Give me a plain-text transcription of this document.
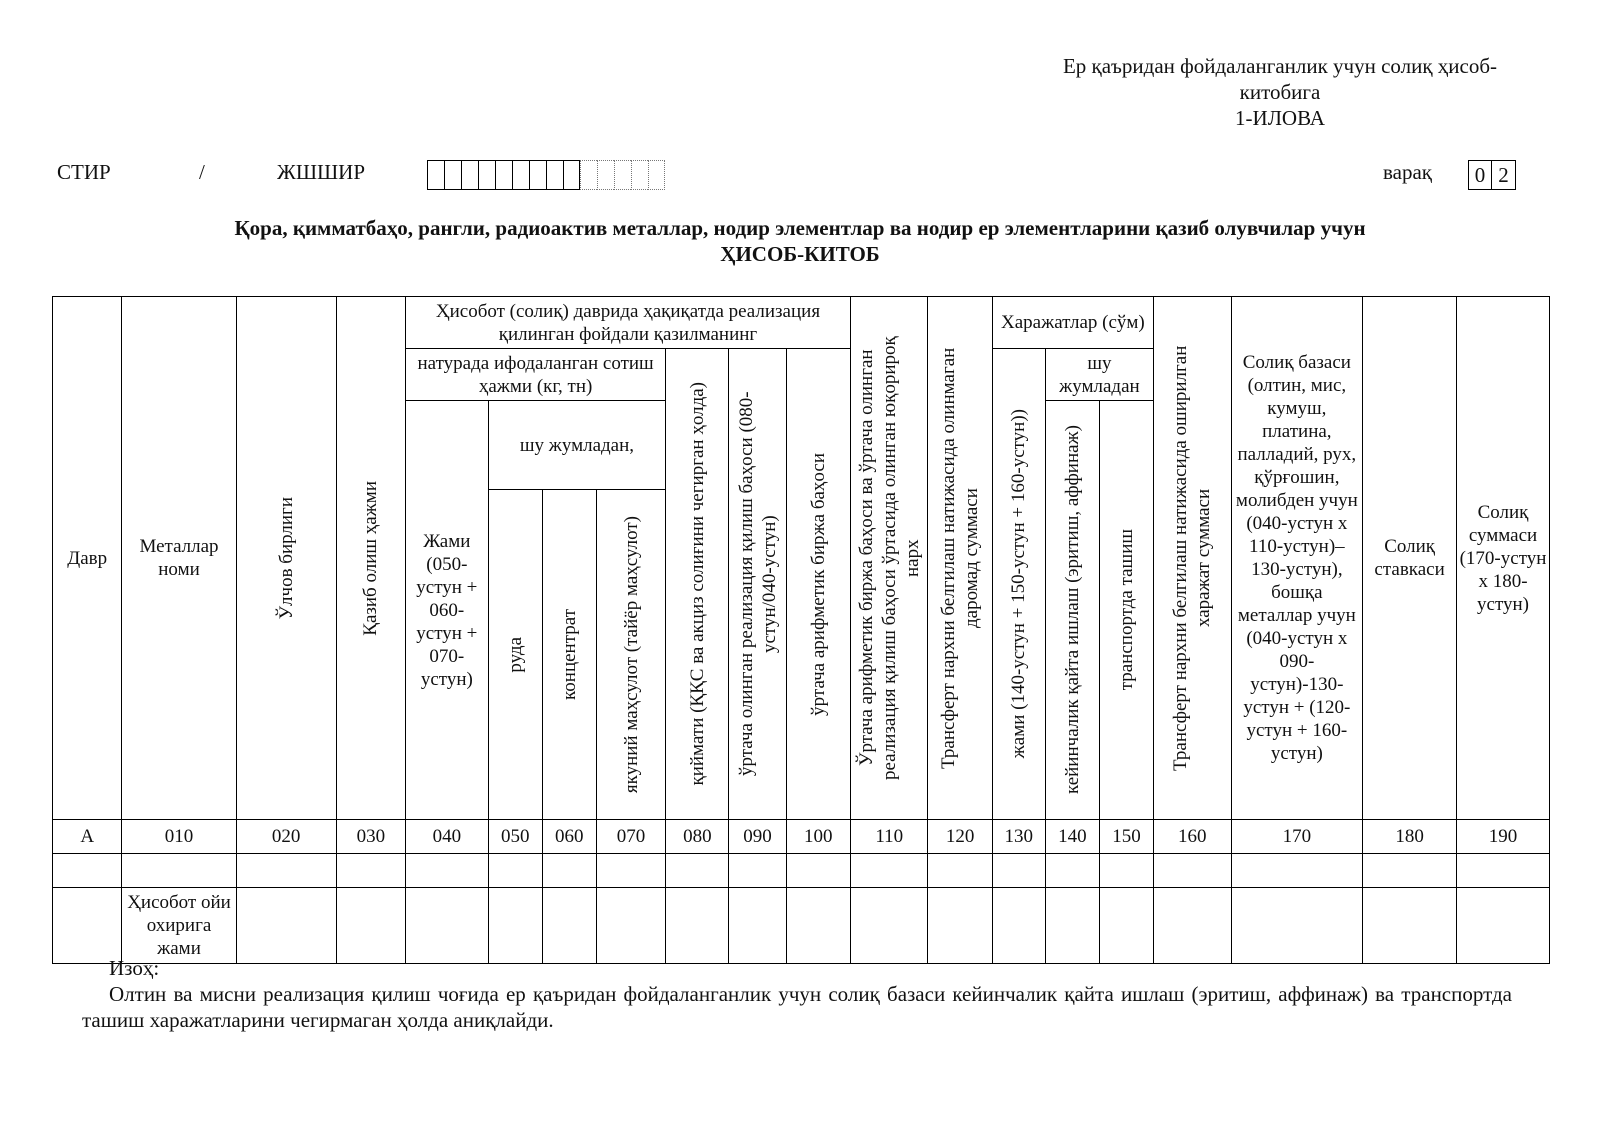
Ер қаъридан фойдаланганлик учун солиқ ҳисоб-
китобига
1-ИЛОВА
СТИР	/	ЖШШИР	варақ	0 2
Қора, қимматбаҳо, рангли, радиоактив металлар, нодир элементлар ва нодир ер элементларини қазиб олувчилар учун
ҲИСОБ-КИТОБ
Давр	Металлар номи	Ўлчов бирлиги	Қазиб олиш ҳажми	Ҳисобот (солиқ) даврида ҳақиқатда реализация қилинган фойдали қазилманинг							Ўртача арифметик биржа баҳоси ва ўртача олинган реализация қилиш баҳоси ўртасида олинган юқорироқ нарх	Трансферт нархни белгилаш натижасида олинмаган даромад суммаси	Харажатлар (сўм)			Трансферт нархни белгилаш натижасида оширилган харажат суммаси	Солиқ базаси (олтин, мис, кумуш, платина, палладий, рух, қўрғошин, молибден учун (040-устун х 110-устун)–130-устун), бошқа металлар учун (040-устун х 090-устун)-130-устун + (120-устун + 160-устун)	Солиқ ставкаси	Солиқ суммаси (170-устун х 180-устун)
				натурада ифодаланган сотиш ҳажми (кг, тн)				қиймати (ҚҚС ва акциз солиғини чегирган ҳолда)	ўртача олинган реализация қилиш баҳоси (080-устун/040-устун)	ўртача арифметик биржа баҳоси			жами (140-устун + 150-устун + 160-устун))	шу жумладан					
				Жами (050-устун + 060-устун + 070-устун)	шу жумладан,									кейинчалик қайта ишлаш (эритиш, аффинаж)	транспортда ташиш				

					руда	концентрат	якуний маҳсулот (тайёр маҳсулот)												

А	010	020	030	040	050	060	070	080	090	100	110	120	130	140	150	160	170	180	190

	Ҳисобот ойи охирига жами																		

Изоҳ:

Олтин ва мисни реализация қилиш чоғида ер қаъридан фойдаланганлик учун солиқ базаси кейинчалик қайта ишлаш (эритиш, аффинаж) ва транспортда ташиш харажатларини чегирмаган ҳолда аниқлайди.
